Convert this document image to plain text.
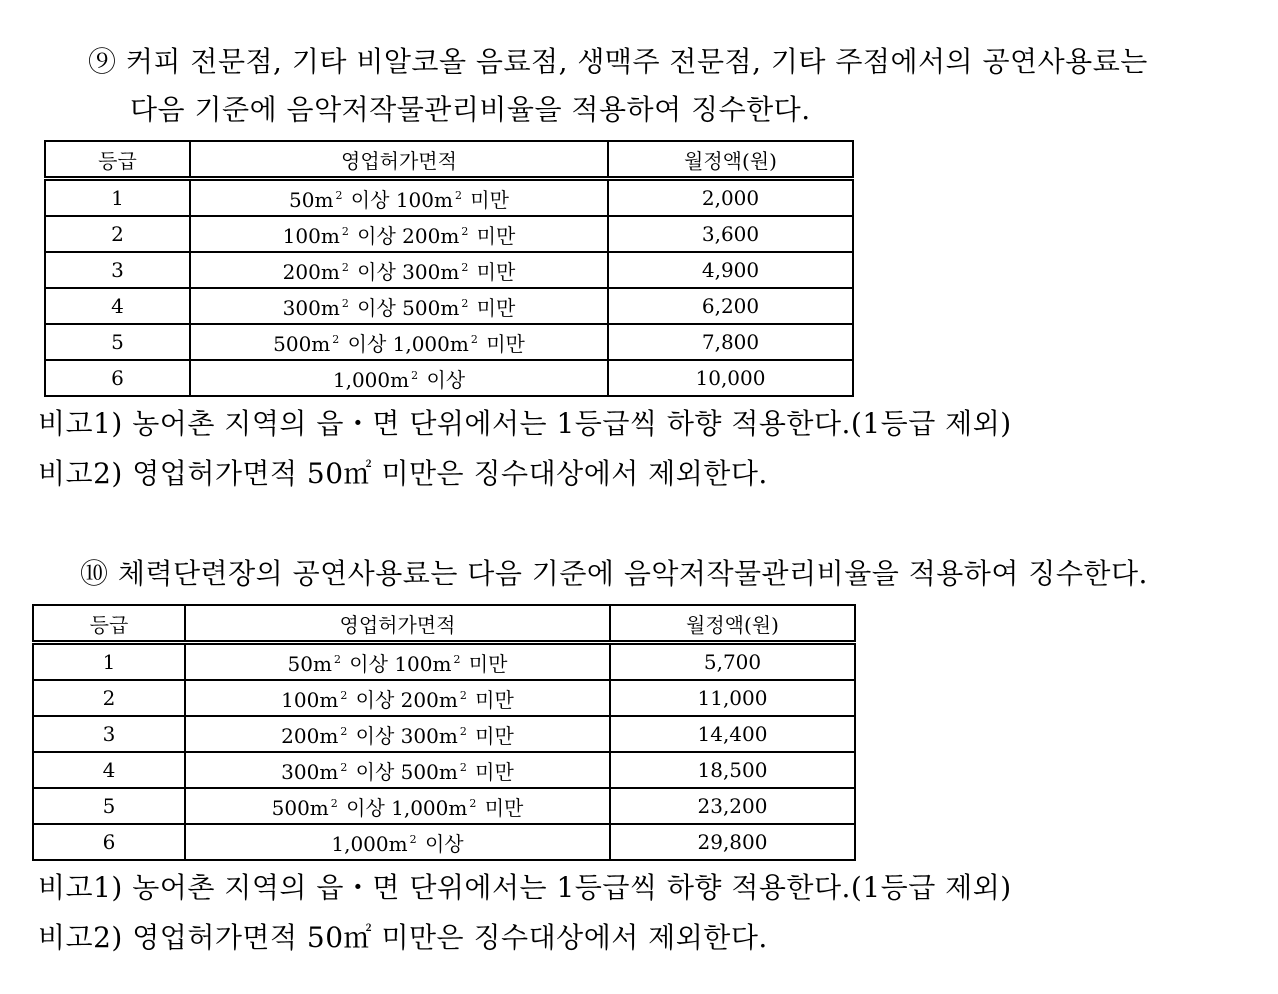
⑨ 커피 전문점, 기타 비알코올 음료점, 생맥주 전문점, 기타 주점에서의 공연사용료는
다음 기준에 음악저작물관리비율을 적용하여 징수한다.
등급	영업허가면적	월정액(원)
1	50m $^2$ 이상 100m $^2$ 미만	2,000
2	100m $^2$ 이상 200m $^2$ 미만	3,600
3	200m $^2$ 이상 300m $^2$ 미만	4,900
4	300m $^2$ 이상 500m $^2$ 미만	6,200
5	500m $^2$ 이상 1,000m $^2$ 미만	7,800
6	1,000m $^2$ 이상	10,000
비고1) 농어촌 지역의 읍・면 단위에서는 1등급씩 하향 적용한다.(1등급 제외)
비고2) 영업허가면적 50㎡ 미만은 징수대상에서 제외한다.
⑩ 체력단련장의 공연사용료는 다음 기준에 음악저작물관리비율을 적용하여 징수한다.
등급	영업허가면적	월정액(원)
1	50m $^2$ 이상 100m $^2$ 미만	5,700
2	100m $^2$ 이상 200m $^2$ 미만	11,000
3	200m $^2$ 이상 300m $^2$ 미만	14,400
4	300m $^2$ 이상 500m $^2$ 미만	18,500
5	500m $^2$ 이상 1,000m $^2$ 미만	23,200
6	1,000m $^2$ 이상	29,800
비고1) 농어촌 지역의 읍・면 단위에서는 1등급씩 하향 적용한다.(1등급 제외)
비고2) 영업허가면적 50㎡ 미만은 징수대상에서 제외한다.
